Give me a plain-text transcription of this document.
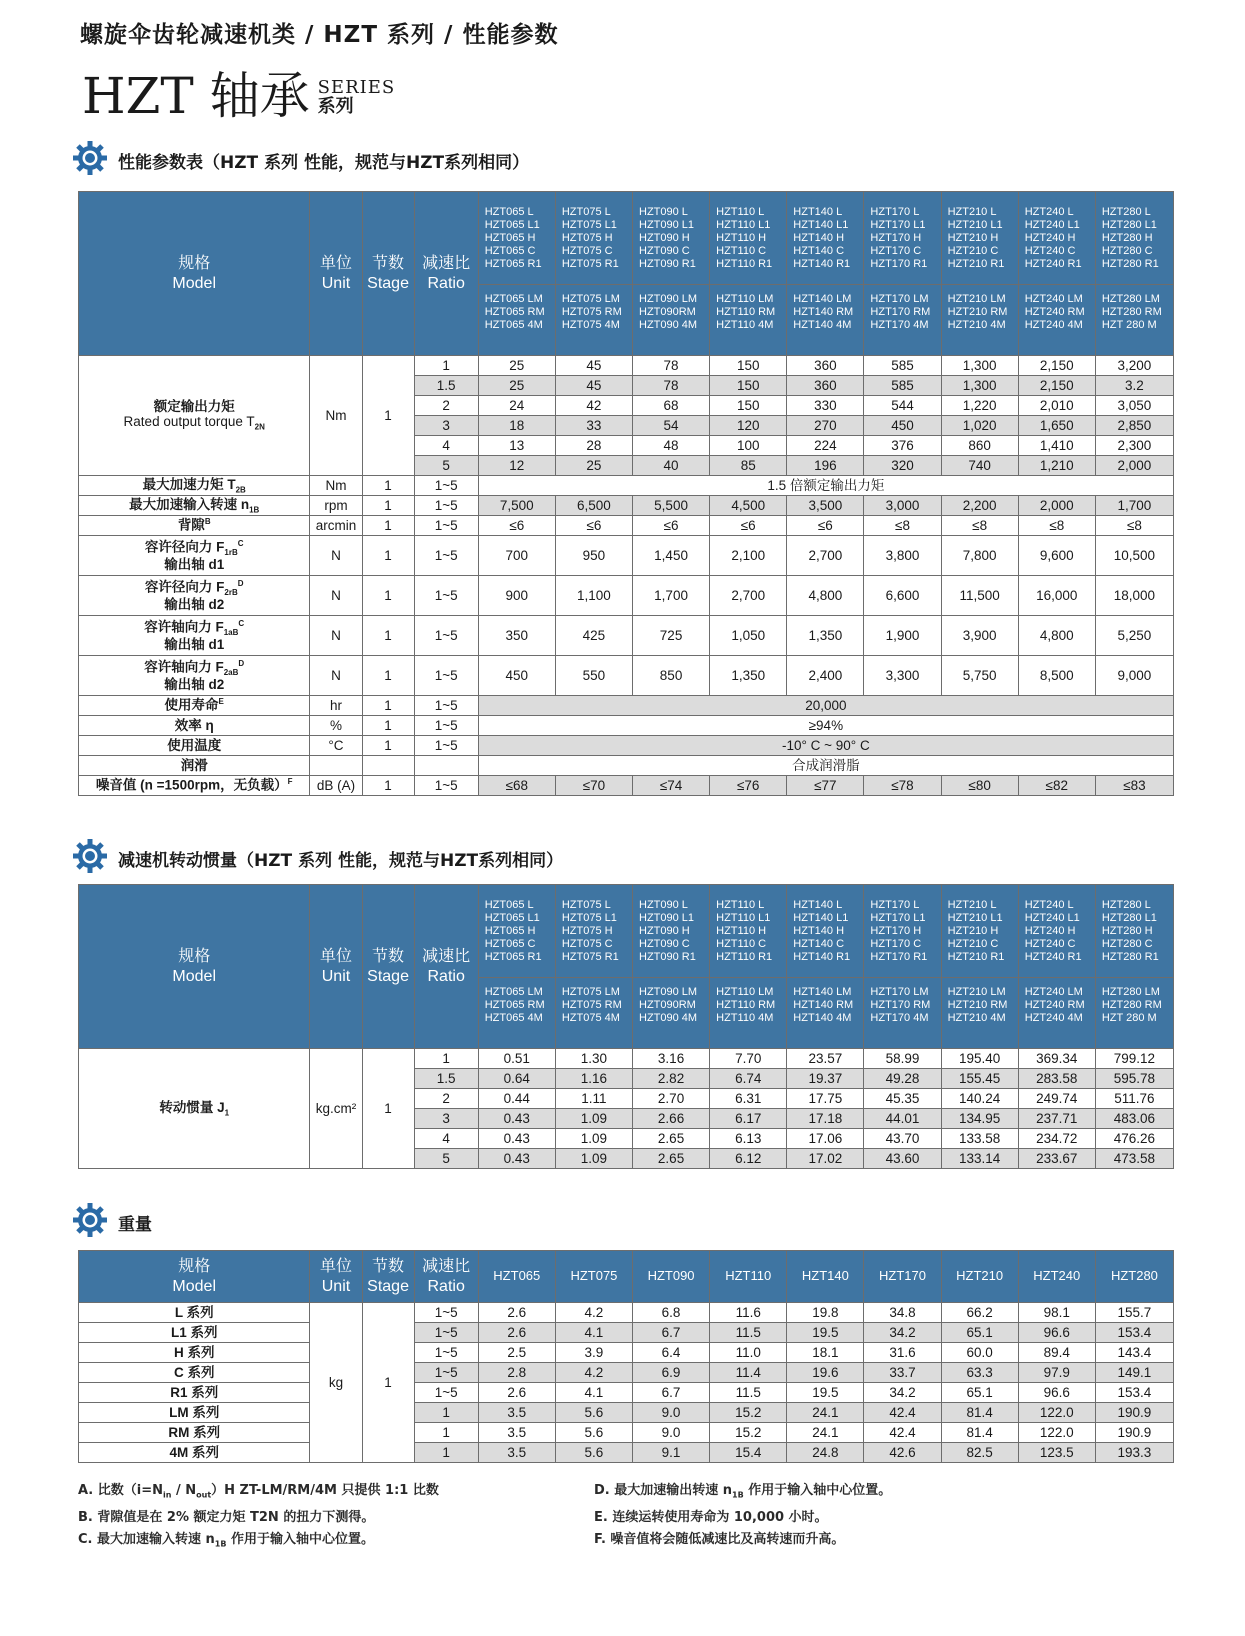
螺旋伞齿轮减速机类 / HZT 系列 / 性能参数
HZT 轴承 SERIES
系列
性能参数表（HZT 系列 性能，规范与HZT系列相同）
规格
Model	单位
Unit	节数
Stage	减速比
Ratio	HZT065 L
HZT065 L1
HZT065 H
HZT065 C
HZT065 R1	HZT075 L
HZT075 L1
HZT075 H
HZT075 C
HZT075 R1	HZT090 L
HZT090 L1
HZT090 H
HZT090 C
HZT090 R1	HZT110 L
HZT110 L1
HZT110 H
HZT110 C
HZT110 R1	HZT140 L
HZT140 L1
HZT140 H
HZT140 C
HZT140 R1	HZT170 L
HZT170 L1
HZT170 H
HZT170 C
HZT170 R1	HZT210 L
HZT210 L1
HZT210 H
HZT210 C
HZT210 R1	HZT240 L
HZT240 L1
HZT240 H
HZT240 C
HZT240 R1	HZT280 L
HZT280 L1
HZT280 H
HZT280 C
HZT280 R1
				HZT065 LM
HZT065 RM
HZT065 4M	HZT075 LM
HZT075 RM
HZT075 4M	HZT090 LM
HZT090RM
HZT090 4M	HZT110 LM
HZT110 RM
HZT110 4M	HZT140 LM
HZT140 RM
HZT140 4M	HZT170 LM
HZT170 RM
HZT170 4M	HZT210 LM
HZT210 RM
HZT210 4M	HZT240 LM
HZT240 RM
HZT240 4M	HZT280 LM
HZT280 RM
HZT 280 M
额定输出力矩
Rated output torque $T_{2N}$	Nm	1	1	25	45	78	150	360	585	1,300	2,150	3,200
			1.5	25	45	78	150	360	585	1,300	2,150	3.2
			2	24	42	68	150	330	544	1,220	2,010	3,050
			3	18	33	54	120	270	450	1,020	1,650	2,850
			4	13	28	48	100	224	376	860	1,410	2,300
			5	12	25	40	85	196	320	740	1,210	2,000
最大加速力矩 $T_{2B}$	Nm	1	1~5	1.5 倍额定输出力矩								
最大加速输入转速 $n_{1B}$	rpm	1	1~5	7,500	6,500	5,500	4,500	3,500	3,000	2,200	2,000	1,700
背隙$^B$	arcmin	1	1~5	≤6	≤6	≤6	≤6	≤6	≤8	≤8	≤8	≤8
容许径向力 $F_{1rB}^C$
输出轴 d1	N	1	1~5	700	950	1,450	2,100	2,700	3,800	7,800	9,600	10,500
容许径向力 $F_{2rB}^D$
输出轴 d2	N	1	1~5	900	1,100	1,700	2,700	4,800	6,600	11,500	16,000	18,000
容许轴向力 $F_{1aB}^C$
输出轴 d1	N	1	1~5	350	425	725	1,050	1,350	1,900	3,900	4,800	5,250
容许轴向力 $F_{2aB}^D$
输出轴 d2	N	1	1~5	450	550	850	1,350	2,400	3,300	5,750	8,500	9,000
使用寿命$^E$	hr	1	1~5	20,000								
效率 η	%	1	1~5	≥94%								
使用温度	°C	1	1~5	-10° C ~ 90° C								
润滑				合成润滑脂								
噪音值 (n =1500rpm，无负载）$^F$	dB (A)	1	1~5	≤68	≤70	≤74	≤76	≤77	≤78	≤80	≤82	≤83
减速机转动惯量（HZT 系列 性能，规范与HZT系列相同）
规格
Model	单位
Unit	节数
Stage	减速比
Ratio	HZT065 L
HZT065 L1
HZT065 H
HZT065 C
HZT065 R1	HZT075 L
HZT075 L1
HZT075 H
HZT075 C
HZT075 R1	HZT090 L
HZT090 L1
HZT090 H
HZT090 C
HZT090 R1	HZT110 L
HZT110 L1
HZT110 H
HZT110 C
HZT110 R1	HZT140 L
HZT140 L1
HZT140 H
HZT140 C
HZT140 R1	HZT170 L
HZT170 L1
HZT170 H
HZT170 C
HZT170 R1	HZT210 L
HZT210 L1
HZT210 H
HZT210 C
HZT210 R1	HZT240 L
HZT240 L1
HZT240 H
HZT240 C
HZT240 R1	HZT280 L
HZT280 L1
HZT280 H
HZT280 C
HZT280 R1
				HZT065 LM
HZT065 RM
HZT065 4M	HZT075 LM
HZT075 RM
HZT075 4M	HZT090 LM
HZT090RM
HZT090 4M	HZT110 LM
HZT110 RM
HZT110 4M	HZT140 LM
HZT140 RM
HZT140 4M	HZT170 LM
HZT170 RM
HZT170 4M	HZT210 LM
HZT210 RM
HZT210 4M	HZT240 LM
HZT240 RM
HZT240 4M	HZT280 LM
HZT280 RM
HZT 280 M
转动惯量 $J_1$	kg.cm²	1	1	0.51	1.30	3.16	7.70	23.57	58.99	195.40	369.34	799.12
			1.5	0.64	1.16	2.82	6.74	19.37	49.28	155.45	283.58	595.78
			2	0.44	1.11	2.70	6.31	17.75	45.35	140.24	249.74	511.76
			3	0.43	1.09	2.66	6.17	17.18	44.01	134.95	237.71	483.06
			4	0.43	1.09	2.65	6.13	17.06	43.70	133.58	234.72	476.26
			5	0.43	1.09	2.65	6.12	17.02	43.60	133.14	233.67	473.58
重量
规格
Model	单位
Unit	节数
Stage	减速比
Ratio	HZT065	HZT075	HZT090	HZT110	HZT140	HZT170	HZT210	HZT240	HZT280
L 系列	kg	1	1~5	2.6	4.2	6.8	11.6	19.8	34.8	66.2	98.1	155.7
L1 系列			1~5	2.6	4.1	6.7	11.5	19.5	34.2	65.1	96.6	153.4
H 系列			1~5	2.5	3.9	6.4	11.0	18.1	31.6	60.0	89.4	143.4
C 系列			1~5	2.8	4.2	6.9	11.4	19.6	33.7	63.3	97.9	149.1
R1 系列			1~5	2.6	4.1	6.7	11.5	19.5	34.2	65.1	96.6	153.4
LM 系列			1	3.5	5.6	9.0	15.2	24.1	42.4	81.4	122.0	190.9
RM 系列			1	3.5	5.6	9.0	15.2	24.1	42.4	81.4	122.0	190.9
4M 系列			1	3.5	5.6	9.1	15.4	24.8	42.6	82.5	123.5	193.3
A. 比数$(i=N_{in} / N_{out})H$ ZT-LM/RM/4M 只提供 1:1 比数
B. 背隙值是在 2% 额定力矩 T2N 的扭力下测得。
C. 最大加速输入转速 $n_{1B}$ 作用于输入轴中心位置。
D. 最大加速输出转速 $n_{1B}$ 作用于输入轴中心位置。
E. 连续运转使用寿命为 10,000 小时。
F. 噪音值将会随低减速比及高转速而升高。
